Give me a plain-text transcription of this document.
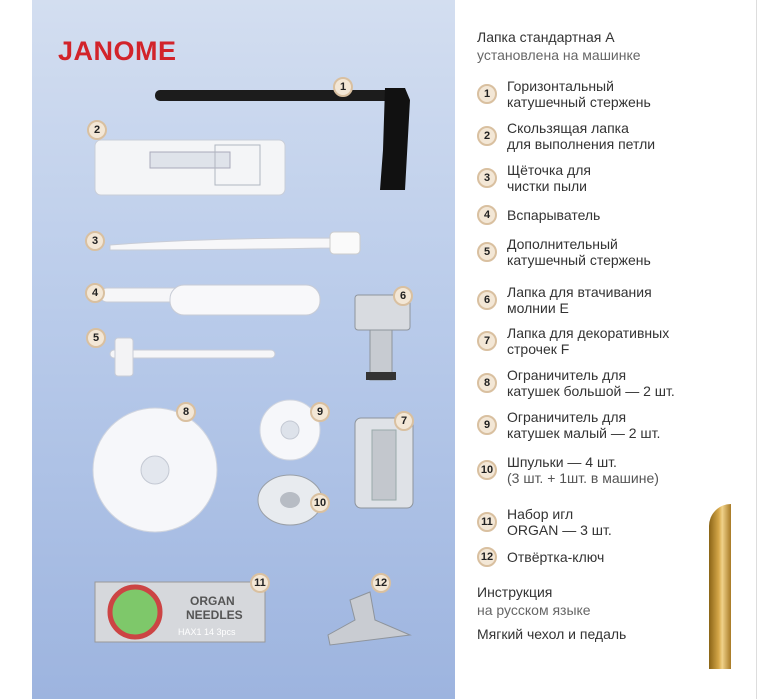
JANOME
ORGAN
NEEDLES
HAX1 14 3pcs
1
2
3
4
5
6
7
8	9
10
11	12
Лапка стандартная А
установлена на машинке
1	Горизонтальный
катушечный стержень
2	Скользящая лапка
для выполнения петли
3	Щёточка для
чистки пыли
4	Вспарыватель
5	Дополнительный
катушечный стержень
6	Лапка для втачивания
молнии Е
7	Лапка для декоративных
строчек F
8	Ограничитель для
катушек большой — 2 шт.
9	Ограничитель для
катушек малый — 2 шт.
10 Шпульки — 4 шт.
(3 шт. + 1шт. в машине)
11 Набор игл
ORGAN — 3 шт.
12 Отвёртка-ключ
Инструкция
на русском языке
Мягкий чехол и педаль
